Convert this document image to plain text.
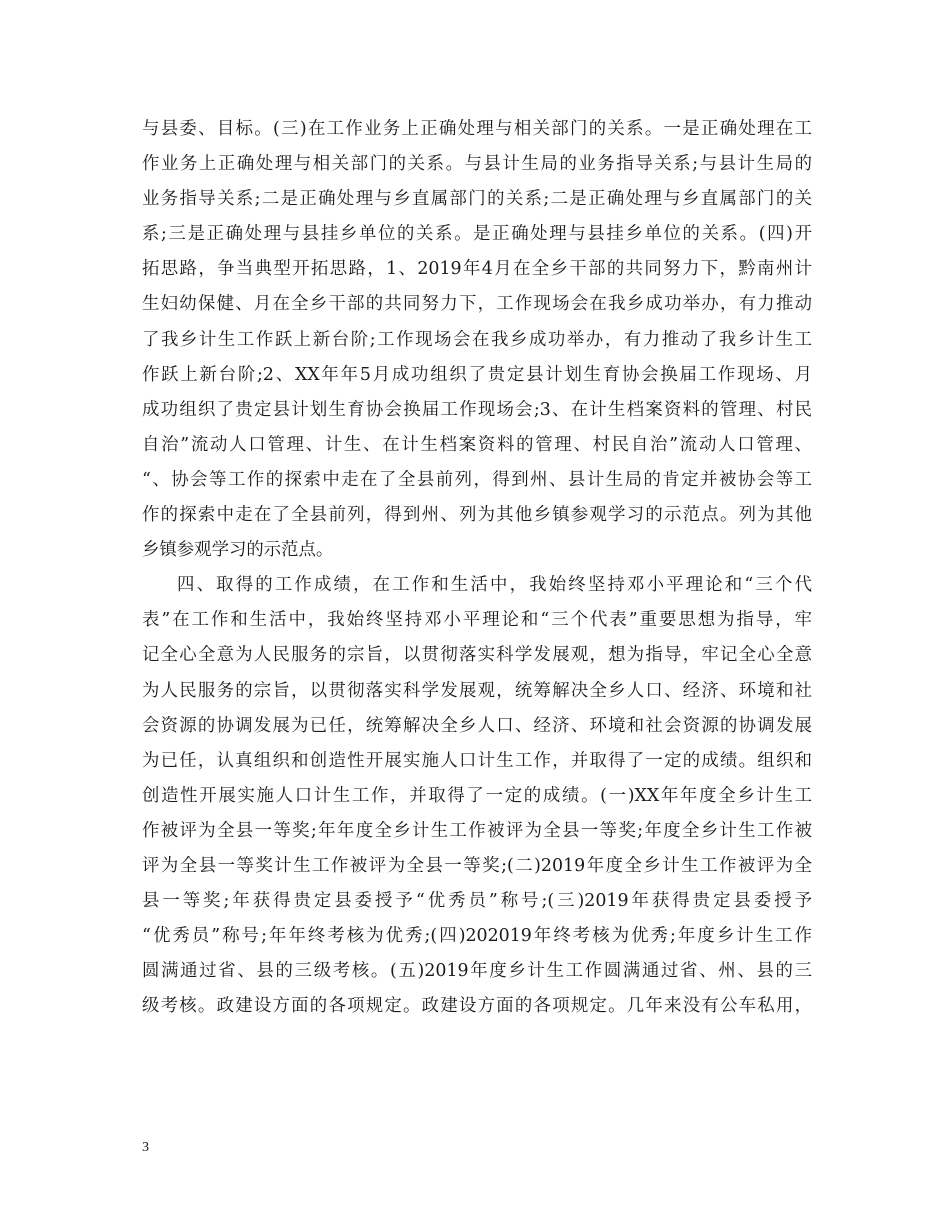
与县委、目标。(三)在工作业务上正确处理与相关部门的关系。一是正确处理在工
作业务上正确处理与相关部门的关系。与县计生局的业务指导关系;与县计生局的
业务指导关系;二是正确处理与乡直属部门的关系;二是正确处理与乡直属部门的关
系;三是正确处理与县挂乡单位的关系。是正确处理与县挂乡单位的关系。(四)开
拓思路，争当典型开拓思路，1、2019年4月在全乡干部的共同努力下，黔南州计
生妇幼保健、月在全乡干部的共同努力下，工作现场会在我乡成功举办，有力推动
了我乡计生工作跃上新台阶;工作现场会在我乡成功举办，有力推动了我乡计生工
作跃上新台阶;2、XX年年5月成功组织了贵定县计划生育协会换届工作现场、月
成功组织了贵定县计划生育协会换届工作现场会;3、在计生档案资料的管理、村民
自治”流动人口管理、计生、在计生档案资料的管理、村民自治”流动人口管理、
“、协会等工作的探索中走在了全县前列，得到州、县计生局的肯定并被协会等工
作的探索中走在了全县前列，得到州、列为其他乡镇参观学习的示范点。列为其他
乡镇参观学习的示范点。
四、取得的工作成绩，在工作和生活中，我始终坚持邓小平理论和“三个代
表”在工作和生活中，我始终坚持邓小平理论和“三个代表”重要思想为指导，牢
记全心全意为人民服务的宗旨，以贯彻落实科学发展观，想为指导，牢记全心全意
为人民服务的宗旨，以贯彻落实科学发展观，统筹解决全乡人口、经济、环境和社
会资源的协调发展为已任，统筹解决全乡人口、经济、环境和社会资源的协调发展
为已任，认真组织和创造性开展实施人口计生工作，并取得了一定的成绩。组织和
创造性开展实施人口计生工作，并取得了一定的成绩。(一)XX年年度全乡计生工
作被评为全县一等奖;年年度全乡计生工作被评为全县一等奖;年度全乡计生工作被
评为全县一等奖计生工作被评为全县一等奖;(二)2019年度全乡计生工作被评为全
县一等奖;年获得贵定县委授予“优秀员”称号;(三)2019年获得贵定县委授予
“优秀员”称号;年年终考核为优秀;(四)202019年终考核为优秀;年度乡计生工作
圆满通过省、县的三级考核。(五)2019年度乡计生工作圆满通过省、州、县的三
级考核。政建设方面的各项规定。政建设方面的各项规定。几年来没有公车私用，
3
